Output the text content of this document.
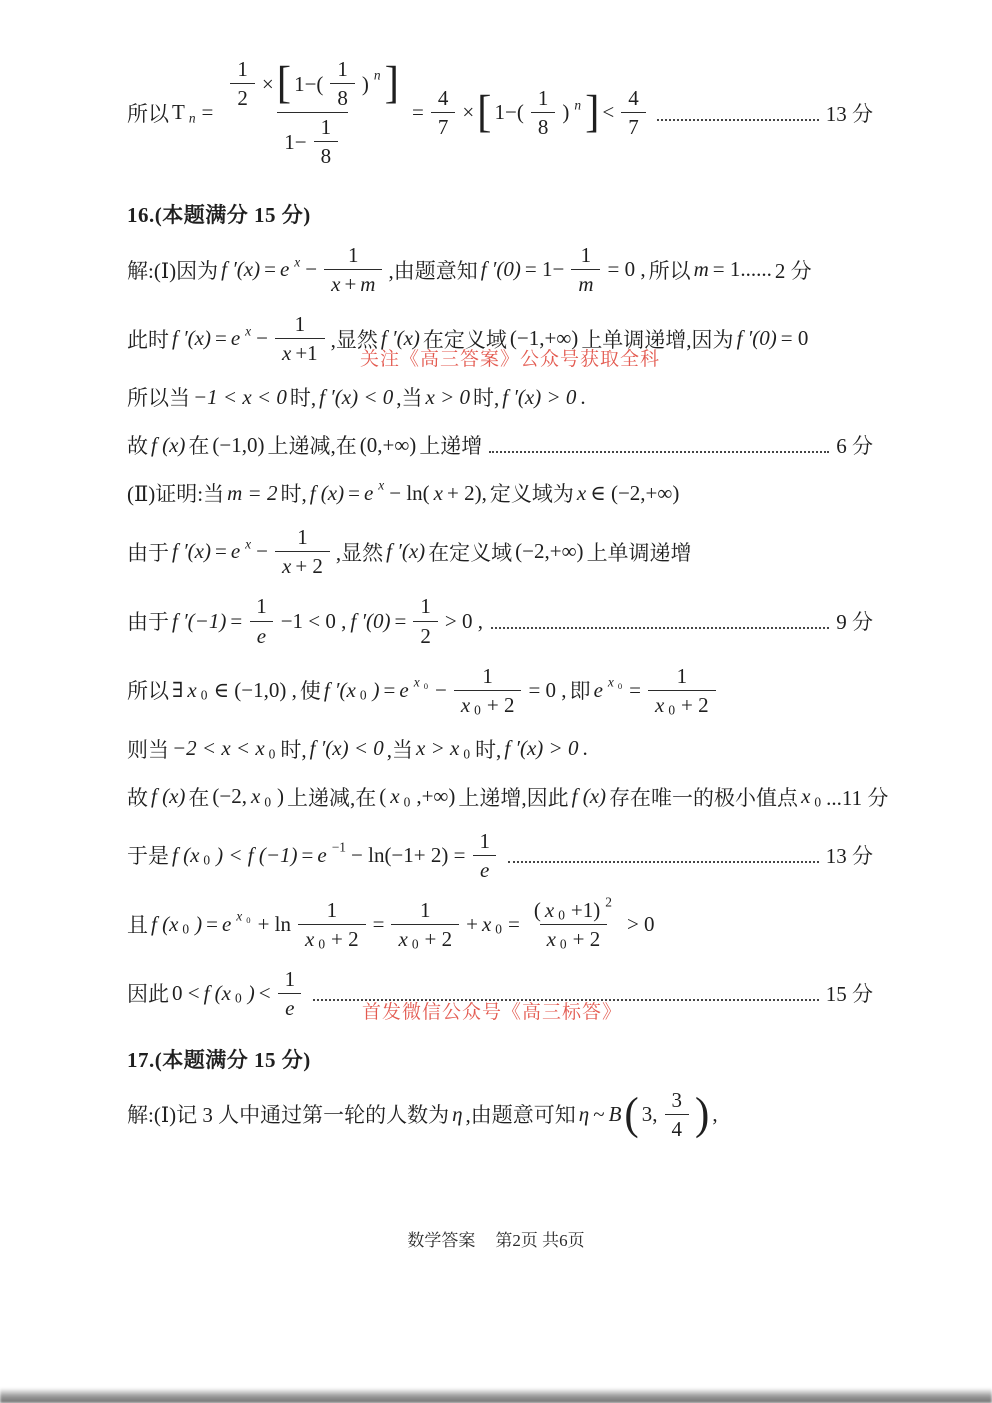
所以 T $n = \frac{\frac{1}{2} \times [ 1-( \frac{1}{8} ) n ]}{1- \frac{1}{8}} = \frac{4}{7}$ × [ $1-( \frac{1}{8}$ ) n ] < $\frac{4}{7}$	13 分
16.(本题满分 15 分)
解:(Ⅰ)因为 f ′(x) = e $x - \frac{1}{x + m}$ ,由题意知 f $'(0) = 1- \frac{1}{m} = 0$ , 所以 m = 1...... 2 分
此时 f ′(x) = e $x - \frac{1}{x +1}$ ,显然 f ′(x) 在定义域 (−1,+∞) 上单调递增,因为 f ′(0) = 0
所以当 −1 < x < 0 时, f ′(x) < 0 ,当 x > 0 时, f ′(x) > 0 .
故 f (x) 在 (−1,0) 上递减,在 (0,+∞) 上递增	6 分
(Ⅱ)证明:当 m = 2 时, f (x) = e x − ln( x + 2), 定义域为 x ∈ (−2,+∞)
由于 f ′(x) = e $x - \frac{1}{x + 2}$ ,显然 f ′(x) 在定义域 (−2,+∞) 上单调递增
由于 f $'(-1) = \frac{1}{e} -1 < 0$ , f $'(0) = \frac{1}{2} > 0$ ,	9 分
所以 ∃ x 0 ∈ (−1,0) , 使 f ′(x 0 ) = e x $0 - \frac{1}{x 0 + 2} = 0$ , 即 e x $0 = \frac{1}{x 0 + 2}$
则当 −2 < x < x 0 时, f ′(x) < 0 ,当 x > x 0 时, f ′(x) > 0 .
故 f (x) 在 (−2, x 0 ) 上递减,在 ( x 0 ,+∞) 上递增,因此 f (x) 存在唯一的极小值点 x 0 ...11 分
于是 f (x 0 ) < f $(-1) = e -1 - \ln(-1+ 2) = \frac{1}{e}$	13 分
且 f (x 0 ) = e x $0 + \ln \frac{1}{x 0 + 2} = \frac{1}{x 0 + 2} + x$ $0 = \frac{( x 0 +1) 2}{x 0 + 2} > 0$
因此 0 < f (x 0 ) < $\frac{1}{e}$	15 分
17.(本题满分 15 分)
解:(Ⅰ)记 3 人中通过第一轮的人数为 η ,由题意可知 η ~ B ( 3, $\frac{3}{4}$ ) ,
关注《高三答案》公众号获取全科
首发微信公众号《高三标答》
数学答案 第2页 共6页
